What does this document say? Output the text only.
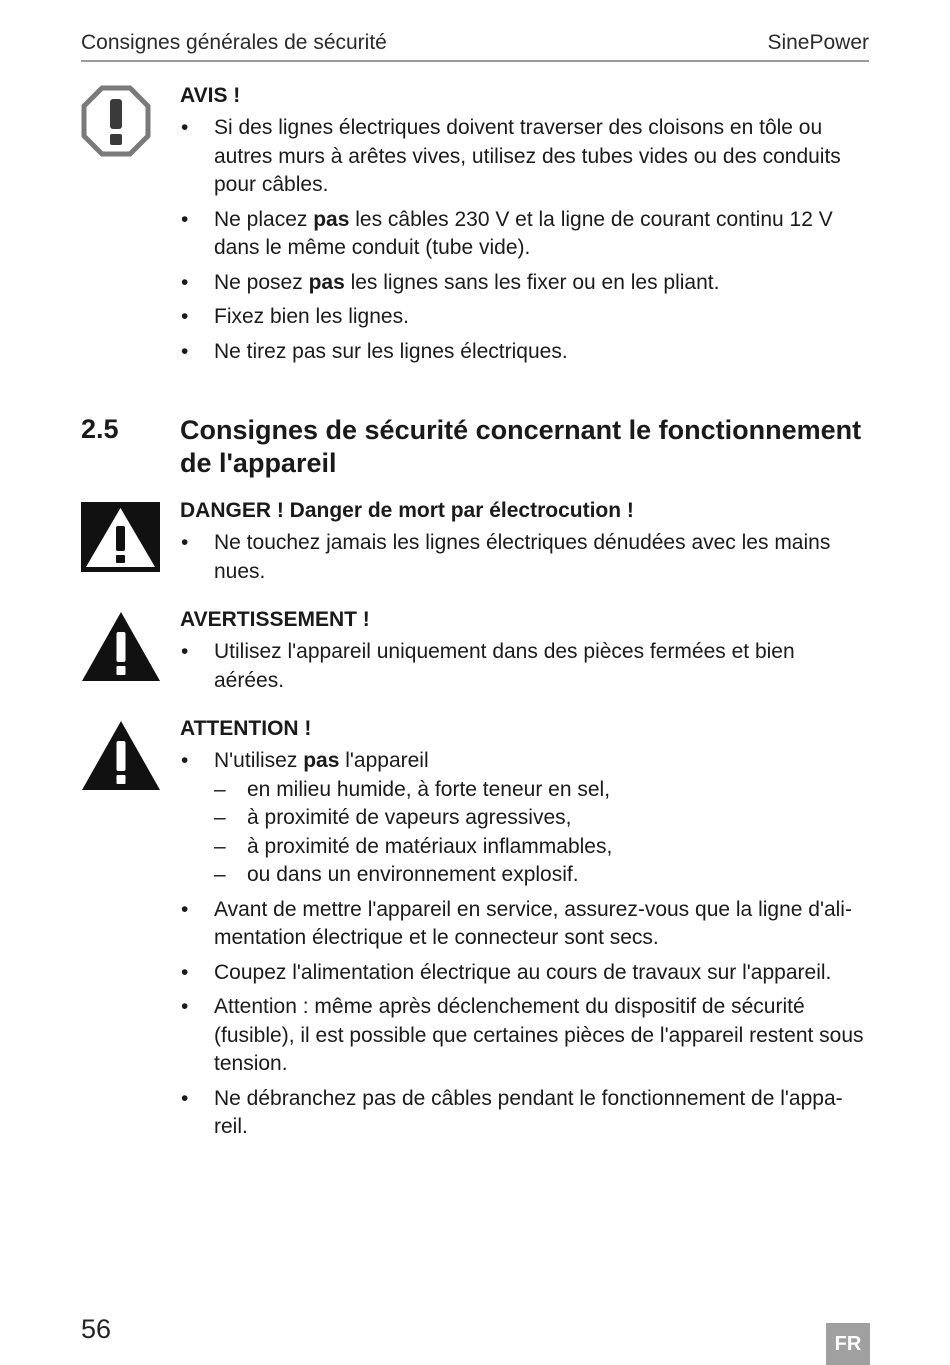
Consignes générales de sécurité	SinePower
AVIS !
• Si des lignes électriques doivent traverser des cloisons en tôle ou autres murs à arêtes vives, utilisez des tubes vides ou des conduits pour câbles.
• Ne placez pas les câbles 230 V et la ligne de courant continu 12 V dans le même conduit (tube vide).
• Ne posez pas les lignes sans les fixer ou en les pliant.
• Fixez bien les lignes.
• Ne tirez pas sur les lignes électriques.
2.5 Consignes de sécurité concernant le fonctionnement de l'appareil
DANGER ! Danger de mort par électrocution !
• Ne touchez jamais les lignes électriques dénudées avec les mains nues.
AVERTISSEMENT !
• Utilisez l'appareil uniquement dans des pièces fermées et bien aérées.
ATTENTION !
• N'utilisez pas l'appareil
– en milieu humide, à forte teneur en sel,
– à proximité de vapeurs agressives,
– à proximité de matériaux inflammables,
– ou dans un environnement explosif.
• Avant de mettre l'appareil en service, assurez-vous que la ligne d'ali-mentation électrique et le connecteur sont secs.
• Coupez l'alimentation électrique au cours de travaux sur l'appareil.
• Attention : même après déclenchement du dispositif de sécurité (fusible), il est possible que certaines pièces de l'appareil restent sous tension.
• Ne débranchez pas de câbles pendant le fonctionnement de l'appa-reil.
56	FR
